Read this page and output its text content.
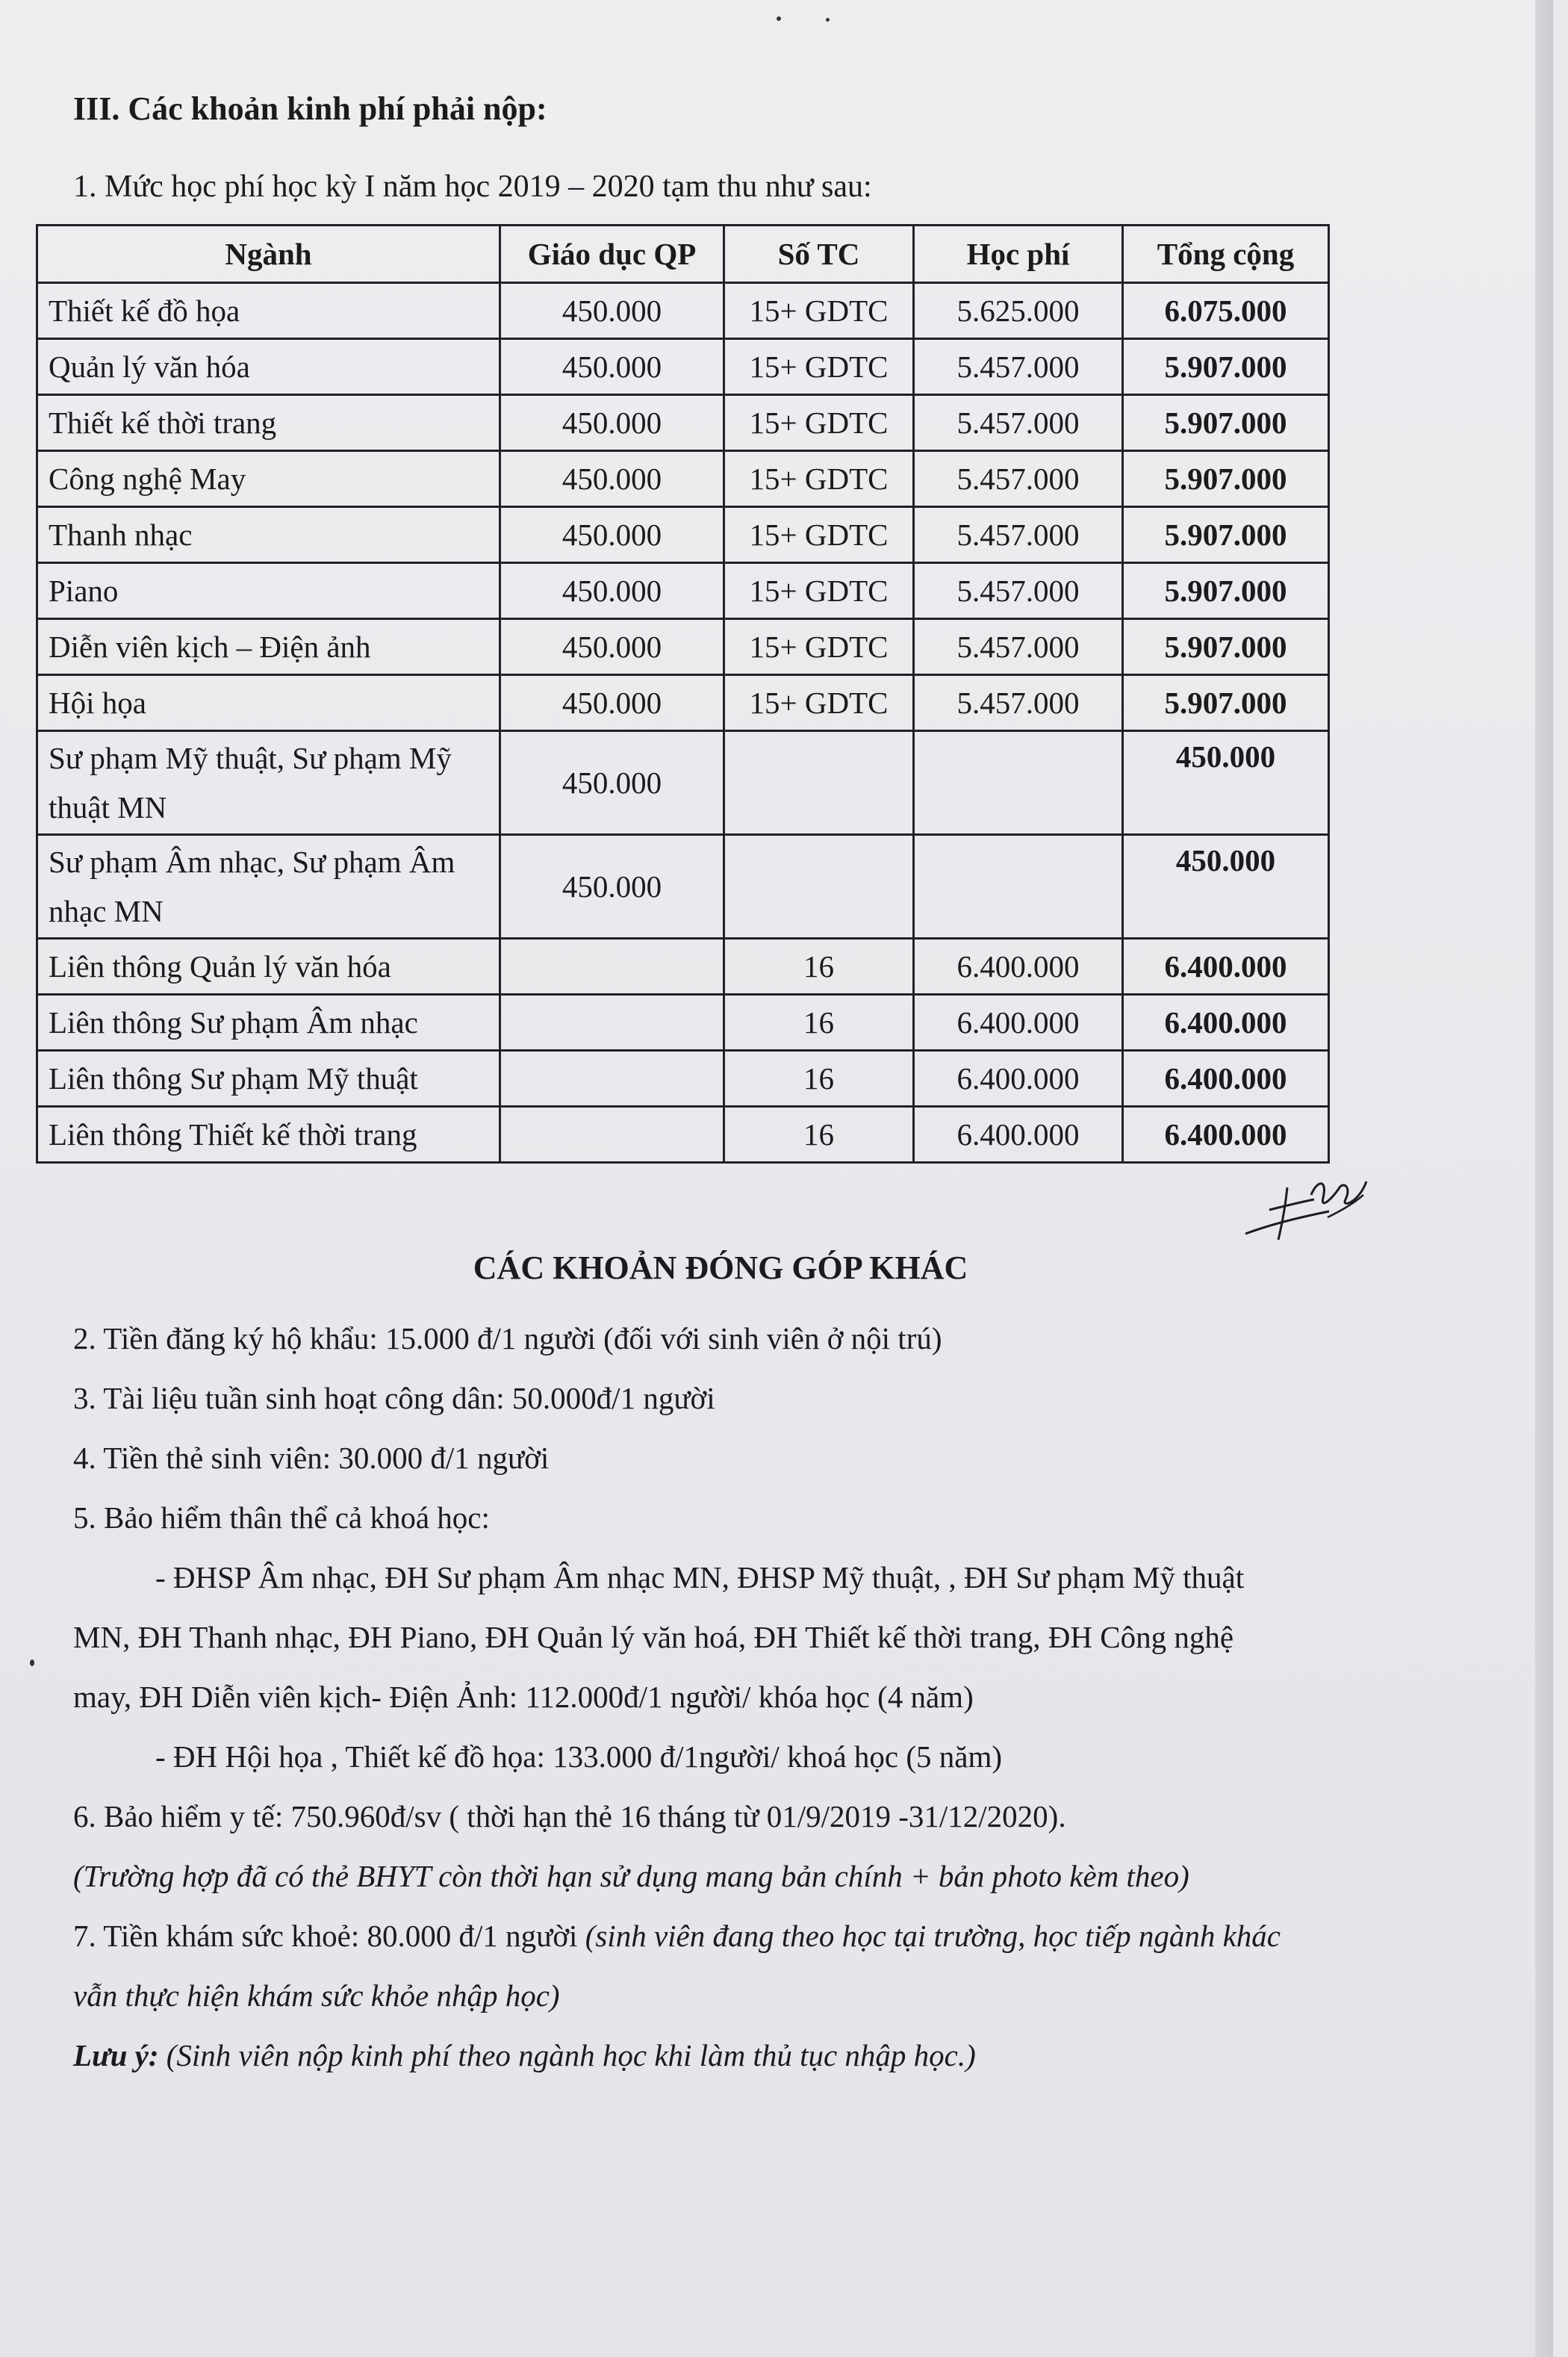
III. Các khoản kinh phí phải nộp:

1. Mức học phí học kỳ I năm học 2019 – 2020 tạm thu như sau:

Ngành	Giáo dục QP	Số TC	Học phí	Tổng cộng
Thiết kế đồ họa	450.000	15+ GDTC	5.625.000	6.075.000
Quản lý văn hóa	450.000	15+ GDTC	5.457.000	5.907.000
Thiết kế thời trang	450.000	15+ GDTC	5.457.000	5.907.000
Công nghệ May	450.000	15+ GDTC	5.457.000	5.907.000
Thanh nhạc	450.000	15+ GDTC	5.457.000	5.907.000
Piano	450.000	15+ GDTC	5.457.000	5.907.000
Diễn viên kịch – Điện ảnh	450.000	15+ GDTC	5.457.000	5.907.000
Hội họa	450.000	15+ GDTC	5.457.000	5.907.000
Sư phạm Mỹ thuật, Sư phạm Mỹ thuật MN	450.000			450.000
Sư phạm Âm nhạc, Sư phạm Âm nhạc MN	450.000			450.000
Liên thông Quản lý văn hóa		16	6.400.000	6.400.000
Liên thông Sư phạm Âm nhạc		16	6.400.000	6.400.000
Liên thông Sư phạm Mỹ thuật		16	6.400.000	6.400.000
Liên thông Thiết kế thời trang		16	6.400.000	6.400.000
CÁC KHOẢN ĐÓNG GÓP KHÁC

2. Tiền đăng ký hộ khẩu: 15.000 đ/1 người (đối với sinh viên ở nội trú)

3. Tài liệu tuần sinh hoạt công dân: 50.000đ/1 người

4. Tiền thẻ sinh viên: 30.000 đ/1 người

5. Bảo hiểm thân thể cả khoá học:

- ĐHSP Âm nhạc, ĐH Sư phạm Âm nhạc MN, ĐHSP Mỹ thuật, , ĐH Sư phạm Mỹ thuật MN, ĐH Thanh nhạc, ĐH Piano, ĐH Quản lý văn hoá, ĐH Thiết kế thời trang, ĐH Công nghệ may, ĐH Diễn viên kịch- Điện Ảnh: 112.000đ/1 người/ khóa học (4 năm)

- ĐH Hội họa , Thiết kế đồ họa: 133.000 đ/1người/ khoá học (5 năm)

6. Bảo hiểm y tế: 750.960đ/sv ( thời hạn thẻ 16 tháng từ 01/9/2019 -31/12/2020).

(Trường hợp đã có thẻ BHYT còn thời hạn sử dụng mang bản chính + bản photo kèm theo)

7. Tiền khám sức khoẻ: 80.000 đ/1 người (sinh viên đang theo học tại trường, học tiếp ngành khác vẫn thực hiện khám sức khỏe nhập học)

Lưu ý: (Sinh viên nộp kinh phí theo ngành học khi làm thủ tục nhập học.)
